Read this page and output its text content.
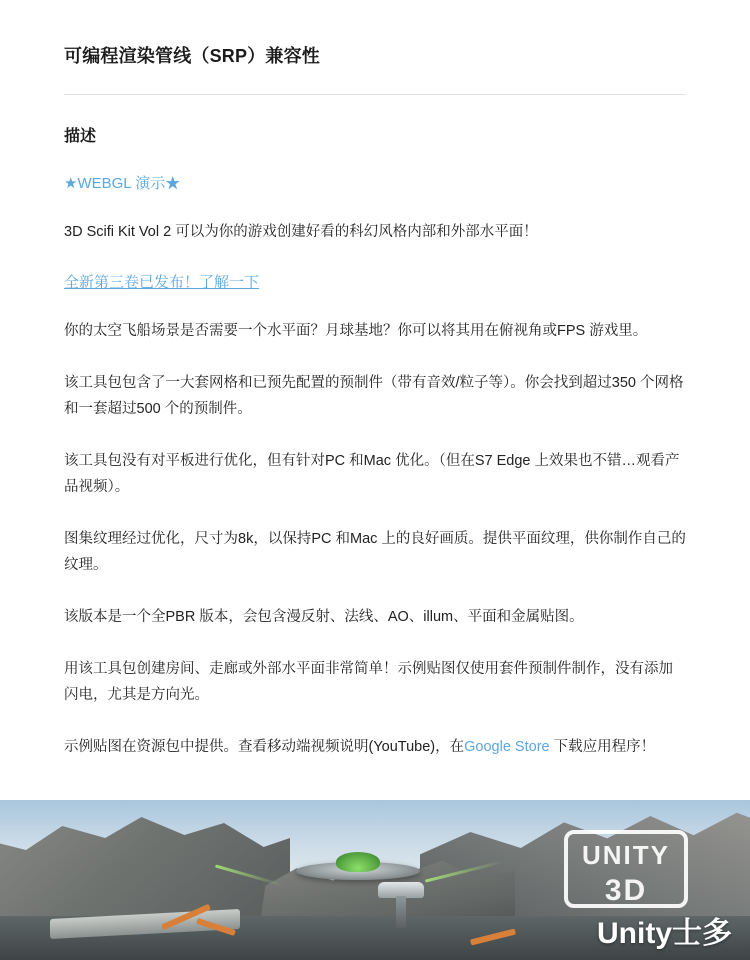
可编程渲染管线（SRP）兼容性
描述
★WEBGL 演示★

3D Scifi Kit Vol 2 可以为你的游戏创建好看的科幻风格内部和外部水平面！

全新第三卷已发布！了解一下

你的太空飞船场景是否需要一个水平面？月球基地？你可以将其用在俯视角或FPS 游戏里。

该工具包包含了一大套网格和已预先配置的预制件（带有音效/粒子等）。你会找到超过350 个网格和一套超过500 个的预制件。

该工具包没有对平板进行优化，但有针对PC 和Mac 优化。（但在S7 Edge 上效果也不错…观看产品视频）。

图集纹理经过优化，尺寸为8k，以保持PC 和Mac 上的良好画质。提供平面纹理，供你制作自己的纹理。

该版本是一个全PBR 版本，会包含漫反射、法线、AO、illum、平面和金属贴图。

用该工具包创建房间、走廊或外部水平面非常简单！示例贴图仅使用套件预制件制作，没有添加闪电，尤其是方向光。

示例贴图在资源包中提供。查看移动端视频说明(YouTube)，在Google Store 下载应用程序！

UNITY
3D
Unity士多
